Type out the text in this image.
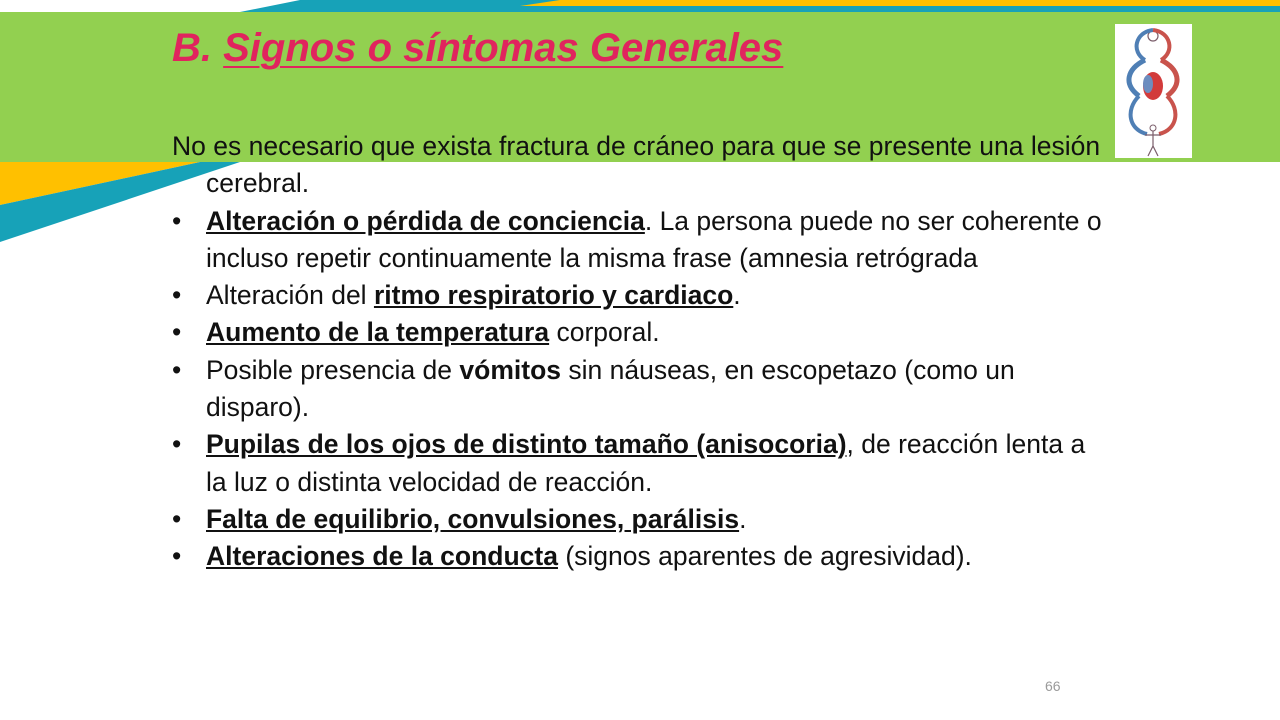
B. Signos o síntomas Generales

No es necesario que exista fractura de cráneo para que se presente una lesión cerebral.

• Alteración o pérdida de conciencia. La persona puede no ser coherente o incluso repetir continuamente la misma frase (amnesia retrógrada
• Alteración del ritmo respiratorio y cardiaco.
• Aumento de la temperatura corporal.
• Posible presencia de vómitos sin náuseas, en escopetazo (como un disparo).
• Pupilas de los ojos de distinto tamaño (anisocoria), de reacción lenta a la luz o distinta velocidad de reacción.
• Falta de equilibrio, convulsiones, parálisis.
• Alteraciones de la conducta (signos aparentes de agresividad).
66
